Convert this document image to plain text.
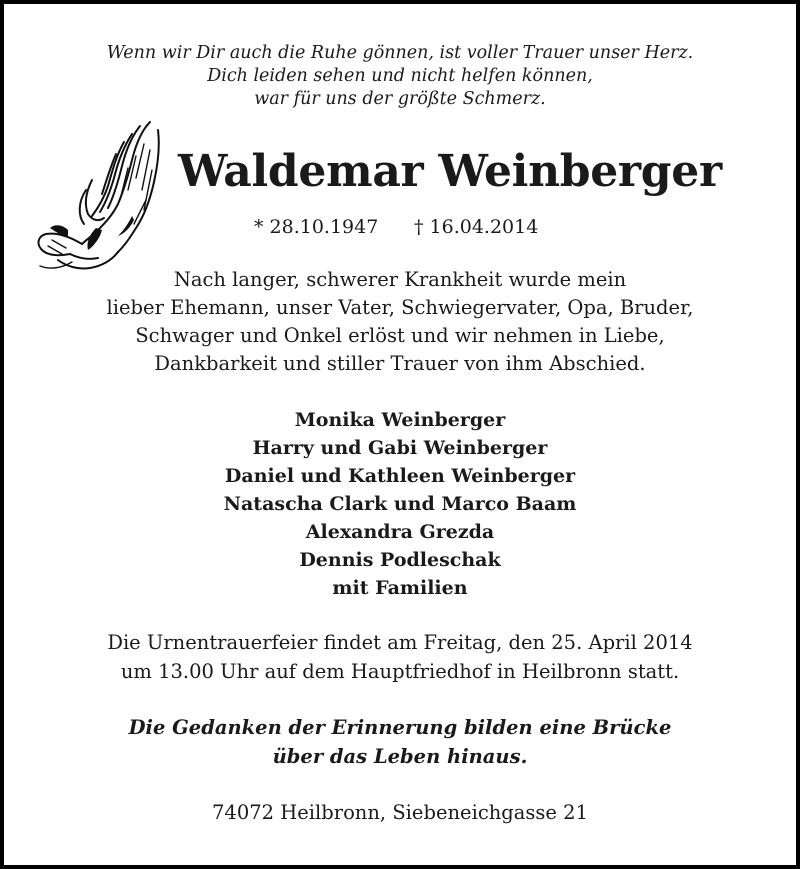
Wenn wir Dir auch die Ruhe gönnen, ist voller Trauer unser Herz.
Dich leiden sehen und nicht helfen können,
war für uns der größte Schmerz.
Waldemar Weinberger
* 28.10.1947 † 16.04.2014
Nach langer, schwerer Krankheit wurde mein
lieber Ehemann, unser Vater, Schwiegervater, Opa, Bruder,
Schwager und Onkel erlöst und wir nehmen in Liebe,
Dankbarkeit und stiller Trauer von ihm Abschied.
Monika Weinberger
Harry und Gabi Weinberger
Daniel und Kathleen Weinberger
Natascha Clark und Marco Baam
Alexandra Grezda
Dennis Podleschak
mit Familien
Die Urnentrauerfeier findet am Freitag, den 25. April 2014
um 13.00 Uhr auf dem Hauptfriedhof in Heilbronn statt.
Die Gedanken der Erinnerung bilden eine Brücke
über das Leben hinaus.
74072 Heilbronn, Siebeneichgasse 21
